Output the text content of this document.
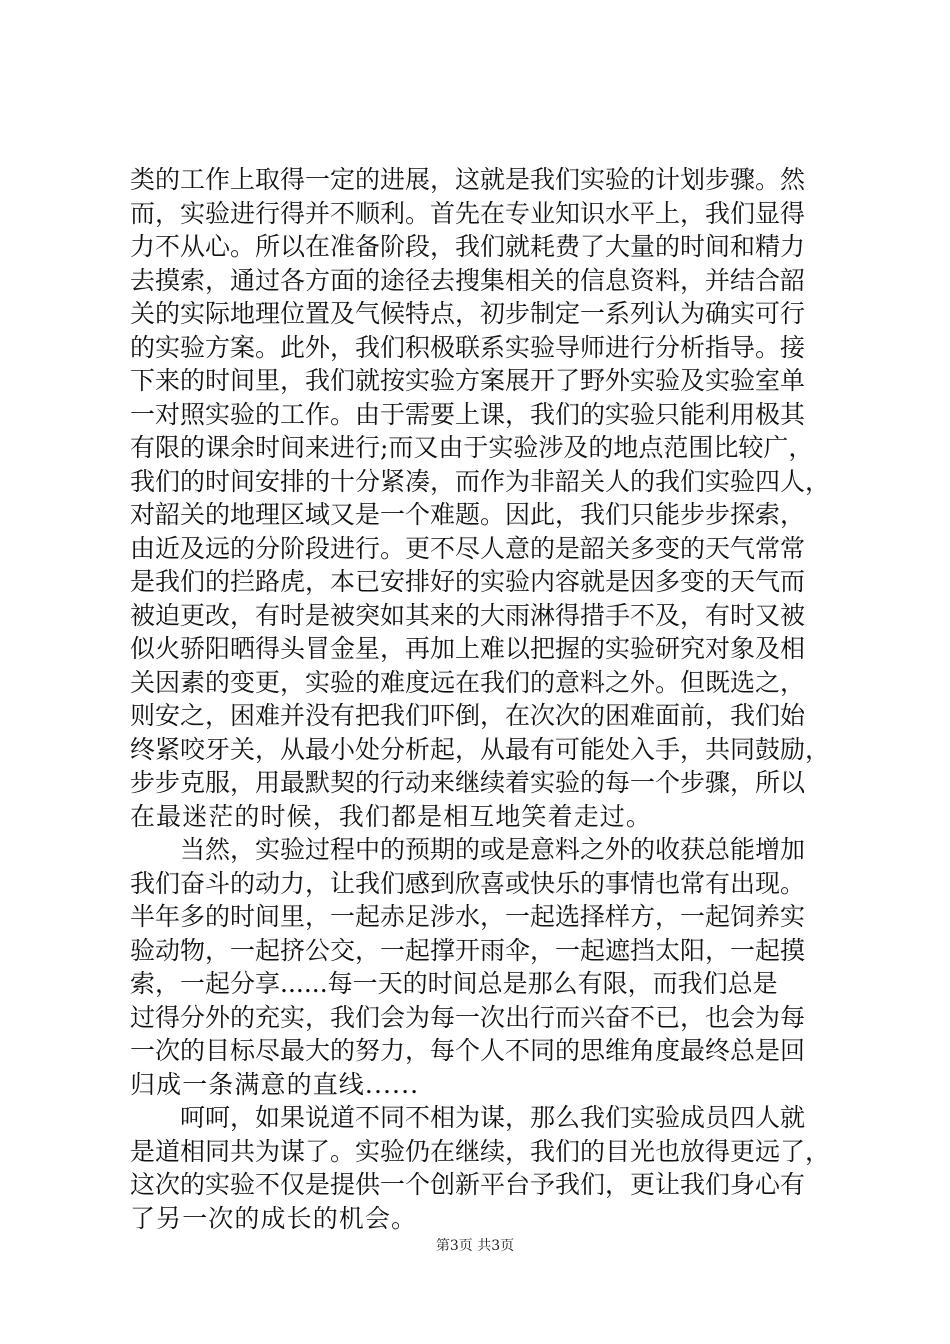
类的工作上取得一定的进展，这就是我们实验的计划步骤。然
而，实验进行得并不顺利。首先在专业知识水平上，我们显得
力不从心。所以在准备阶段，我们就耗费了大量的时间和精力
去摸索，通过各方面的途径去搜集相关的信息资料，并结合韶
关的实际地理位置及气候特点，初步制定一系列认为确实可行
的实验方案。此外，我们积极联系实验导师进行分析指导。接
下来的时间里，我们就按实验方案展开了野外实验及实验室单
一对照实验的工作。由于需要上课，我们的实验只能利用极其
有限的课余时间来进行;而又由于实验涉及的地点范围比较广，
我们的时间安排的十分紧凑，而作为非韶关人的我们实验四人，
对韶关的地理区域又是一个难题。因此，我们只能步步探索，
由近及远的分阶段进行。更不尽人意的是韶关多变的天气常常
是我们的拦路虎，本已安排好的实验内容就是因多变的天气而
被迫更改，有时是被突如其来的大雨淋得措手不及，有时又被
似火骄阳晒得头冒金星，再加上难以把握的实验研究对象及相
关因素的变更，实验的难度远在我们的意料之外。但既选之，
则安之，困难并没有把我们吓倒，在次次的困难面前，我们始
终紧咬牙关，从最小处分析起，从最有可能处入手，共同鼓励，
步步克服，用最默契的行动来继续着实验的每一个步骤，所以
在最迷茫的时候，我们都是相互地笑着走过。
　　当然，实验过程中的预期的或是意料之外的收获总能增加
我们奋斗的动力，让我们感到欣喜或快乐的事情也常有出现。
半年多的时间里，一起赤足涉水，一起选择样方，一起饲养实
验动物，一起挤公交，一起撑开雨伞，一起遮挡太阳，一起摸
索，一起分享......每一天的时间总是那么有限，而我们总是
过得分外的充实，我们会为每一次出行而兴奋不已，也会为每
一次的目标尽最大的努力，每个人不同的思维角度最终总是回
归成一条满意的直线......
　　呵呵，如果说道不同不相为谋，那么我们实验成员四人就
是道相同共为谋了。实验仍在继续，我们的目光也放得更远了，
这次的实验不仅是提供一个创新平台予我们，更让我们身心有
了另一次的成长的机会。
第3页 共3页
